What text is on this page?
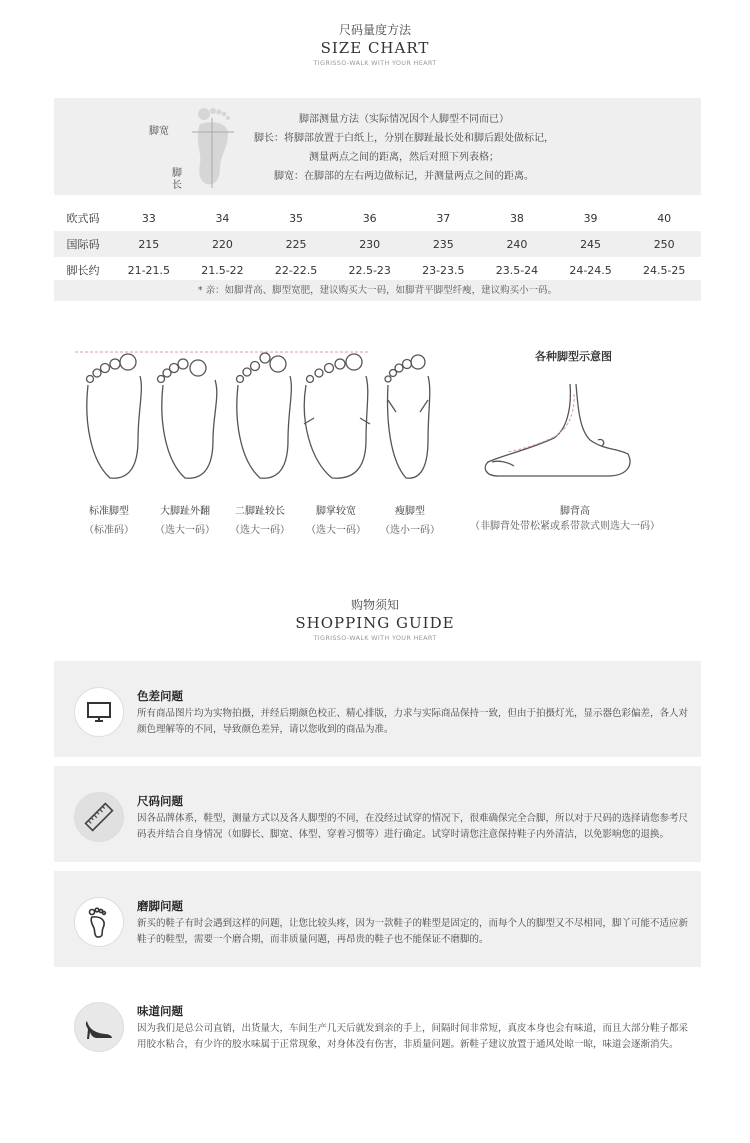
尺码量度方法
SIZE CHART
TIGRISSO-WALK WITH YOUR HEART
脚宽
脚
长
脚部测量方法（实际情况因个人脚型不同而已）
脚长：将脚部放置于白纸上，分别在脚趾最长处和脚后跟处做标记，
测量两点之间的距离，然后对照下列表格；
脚宽：在脚部的左右两边做标记，并测量两点之间的距离。
欧式码	33	34	35	36	37	38	39	40
国际码	215	220	225	230	235	240	245	250
脚长约	21-21.5	21.5-22	22-22.5	22.5-23	23-23.5	23.5-24	24-24.5	24.5-25
* 亲：如脚背高、脚型宽肥，建议购买大一码，如脚背平脚型纤瘦，建议购买小一码。
标准脚型
（标准码）
大脚趾外翻
（选大一码）
二脚趾较长
（选大一码）
脚掌较宽
（选大一码）
瘦脚型
（选小一码）
各种脚型示意图
脚背高
（非脚背处带松紧或系带款式则选大一码）
购物须知
SHOPPING GUIDE
TIGRISSO-WALK WITH YOUR HEART
色差问题
所有商品图片均为实物拍摄，并经后期颜色校正、精心排版，力求与实际商品保持一致，但由于拍摄灯光，显示器色彩偏差，各人对颜色理解等的不同，导致颜色差异，请以您收到的商品为准。
尺码问题
因各品牌体系，鞋型，测量方式以及各人脚型的不同，在没经过试穿的情况下，很难确保完全合脚，所以对于尺码的选择请您参考尺码表并结合自身情况（如脚长、脚宽、体型、穿着习惯等）进行确定。试穿时请您注意保持鞋子内外清洁，以免影响您的退换。
磨脚问题
新买的鞋子有时会遇到这样的问题，让您比较头疼，因为一款鞋子的鞋型是固定的，而每个人的脚型又不尽相同，脚丫可能不适应新鞋子的鞋型，需要一个磨合期，而非质量问题，再昂贵的鞋子也不能保证不磨脚的。
味道问题
因为我们是总公司直销，出货量大，车间生产几天后就发到亲的手上，间隔时间非常短，真皮本身也会有味道，而且大部分鞋子都采用胶水粘合，有少许的胶水味属于正常现象，对身体没有伤害，非质量问题。新鞋子建议放置于通风处晾一晾，味道会逐渐消失。
